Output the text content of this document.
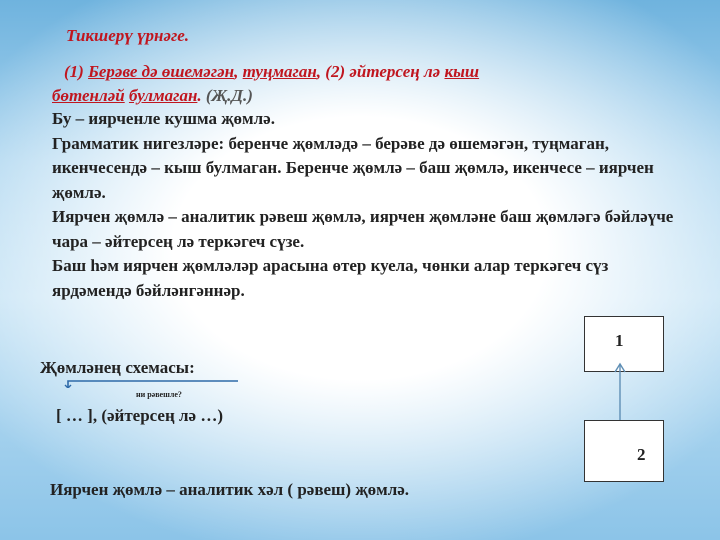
Тикшерү үрнәге.
(1) Берәве дә өшемәгән, туңмаган, (2) әйтерсең лә кыш
бөтенләй булмаган. (Җ.Д.)

Бу – иярченле кушма җөмлә.

Грамматик нигезләре: беренче җөмләдә – берәве дә өшемәгән, туңмаган, икенчесендә – кыш булмаган. Беренче җөмлә – баш җөмлә, икенчесе – иярчен җөмлә.

Иярчен җөмлә – аналитик рәвеш җөмлә, иярчен җөмләне баш җөмләгә бәйләүче чара – әйтерсең лә теркәгеч сүзе.

Баш һәм иярчен җөмләләр арасына өтер куела, чөнки алар теркәгеч сүз ярдәмендә бәйләнгәннәр.

1
2
Җөмләнең схемасы:
ни рәвешле?
[ … ], (әйтерсең лә …)
Иярчен җөмлә – аналитик хәл ( рәвеш) җөмлә.
